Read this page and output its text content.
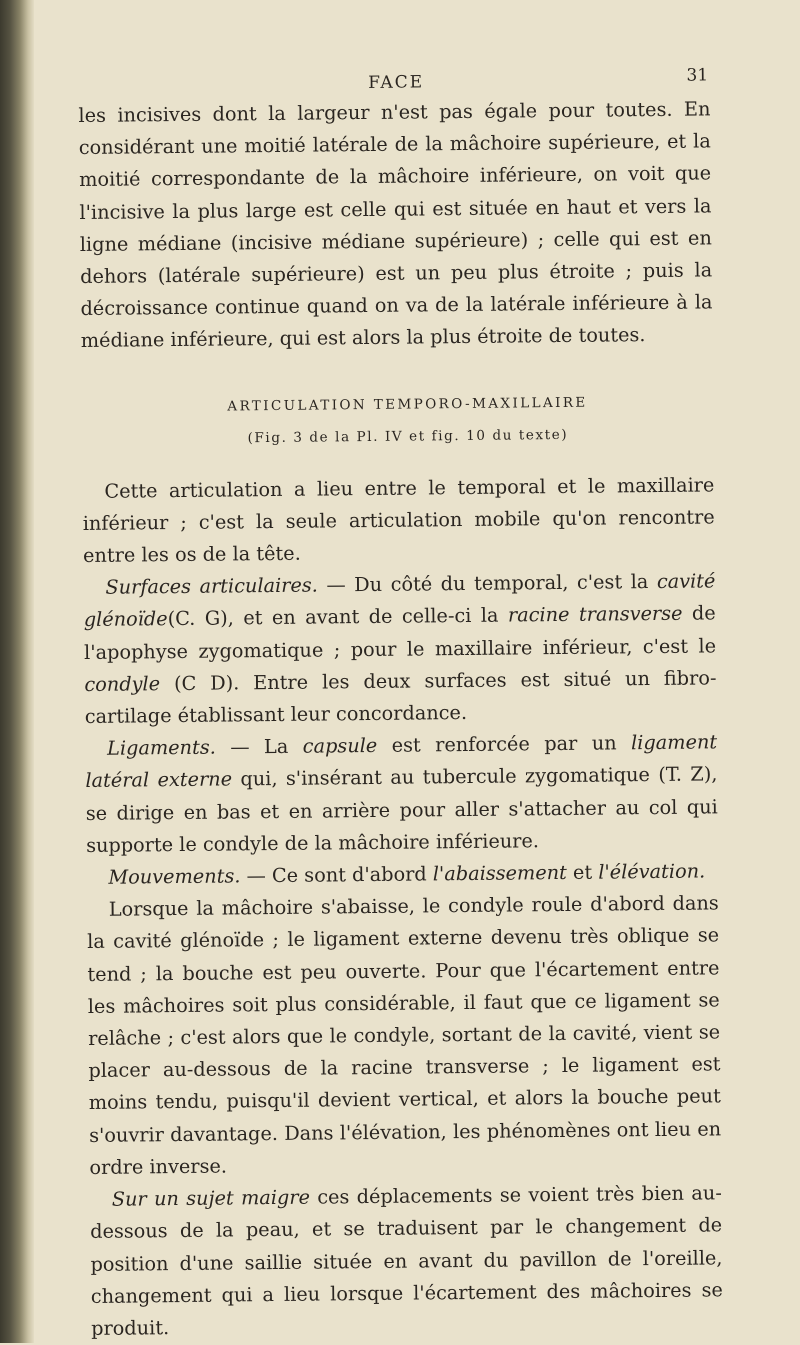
FACE	31

les incisives dont la largeur n'est pas égale pour toutes. En considérant une moitié latérale de la mâchoire supérieure, et la moitié correspondante de la mâchoire inférieure, on voit que l'incisive la plus large est celle qui est située en haut et vers la ligne médiane (incisive médiane supérieure) ; celle qui est en dehors (latérale supérieure) est un peu plus étroite ; puis la décroissance continue quand on va de la latérale inférieure à la médiane inférieure, qui est alors la plus étroite de toutes.

ARTICULATION TEMPORO-MAXILLAIRE
(Fig. 3 de la Pl. IV et fig. 10 du texte)

Cette articulation a lieu entre le temporal et le maxillaire inférieur ; c'est la seule articulation mobile qu'on rencontre entre les os de la tête.

Surfaces articulaires. — Du côté du temporal, c'est la cavité glénoïde(C. G), et en avant de celle-ci la racine transverse de l'apophyse zygomatique ; pour le maxillaire inférieur, c'est le condyle (C D). Entre les deux surfaces est situé un fibro-cartilage établissant leur concordance.

Ligaments. — La capsule est renforcée par un ligament latéral externe qui, s'insérant au tubercule zygomatique (T. Z), se dirige en bas et en arrière pour aller s'attacher au col qui supporte le condyle de la mâchoire inférieure.

Mouvements. — Ce sont d'abord l'abaissement et l'élévation.

Lorsque la mâchoire s'abaisse, le condyle roule d'abord dans la cavité glénoïde ; le ligament externe devenu très oblique se tend ; la bouche est peu ouverte. Pour que l'écartement entre les mâchoires soit plus considérable, il faut que ce ligament se relâche ; c'est alors que le condyle, sortant de la cavité, vient se placer au-dessous de la racine transverse ; le ligament est moins tendu, puisqu'il devient vertical, et alors la bouche peut s'ouvrir davantage. Dans l'élévation, les phénomènes ont lieu en ordre inverse.

Sur un sujet maigre ces déplacements se voient très bien au-dessous de la peau, et se traduisent par le changement de position d'une saillie située en avant du pavillon de l'oreille, changement qui a lieu lorsque l'écartement des mâchoires se produit.
